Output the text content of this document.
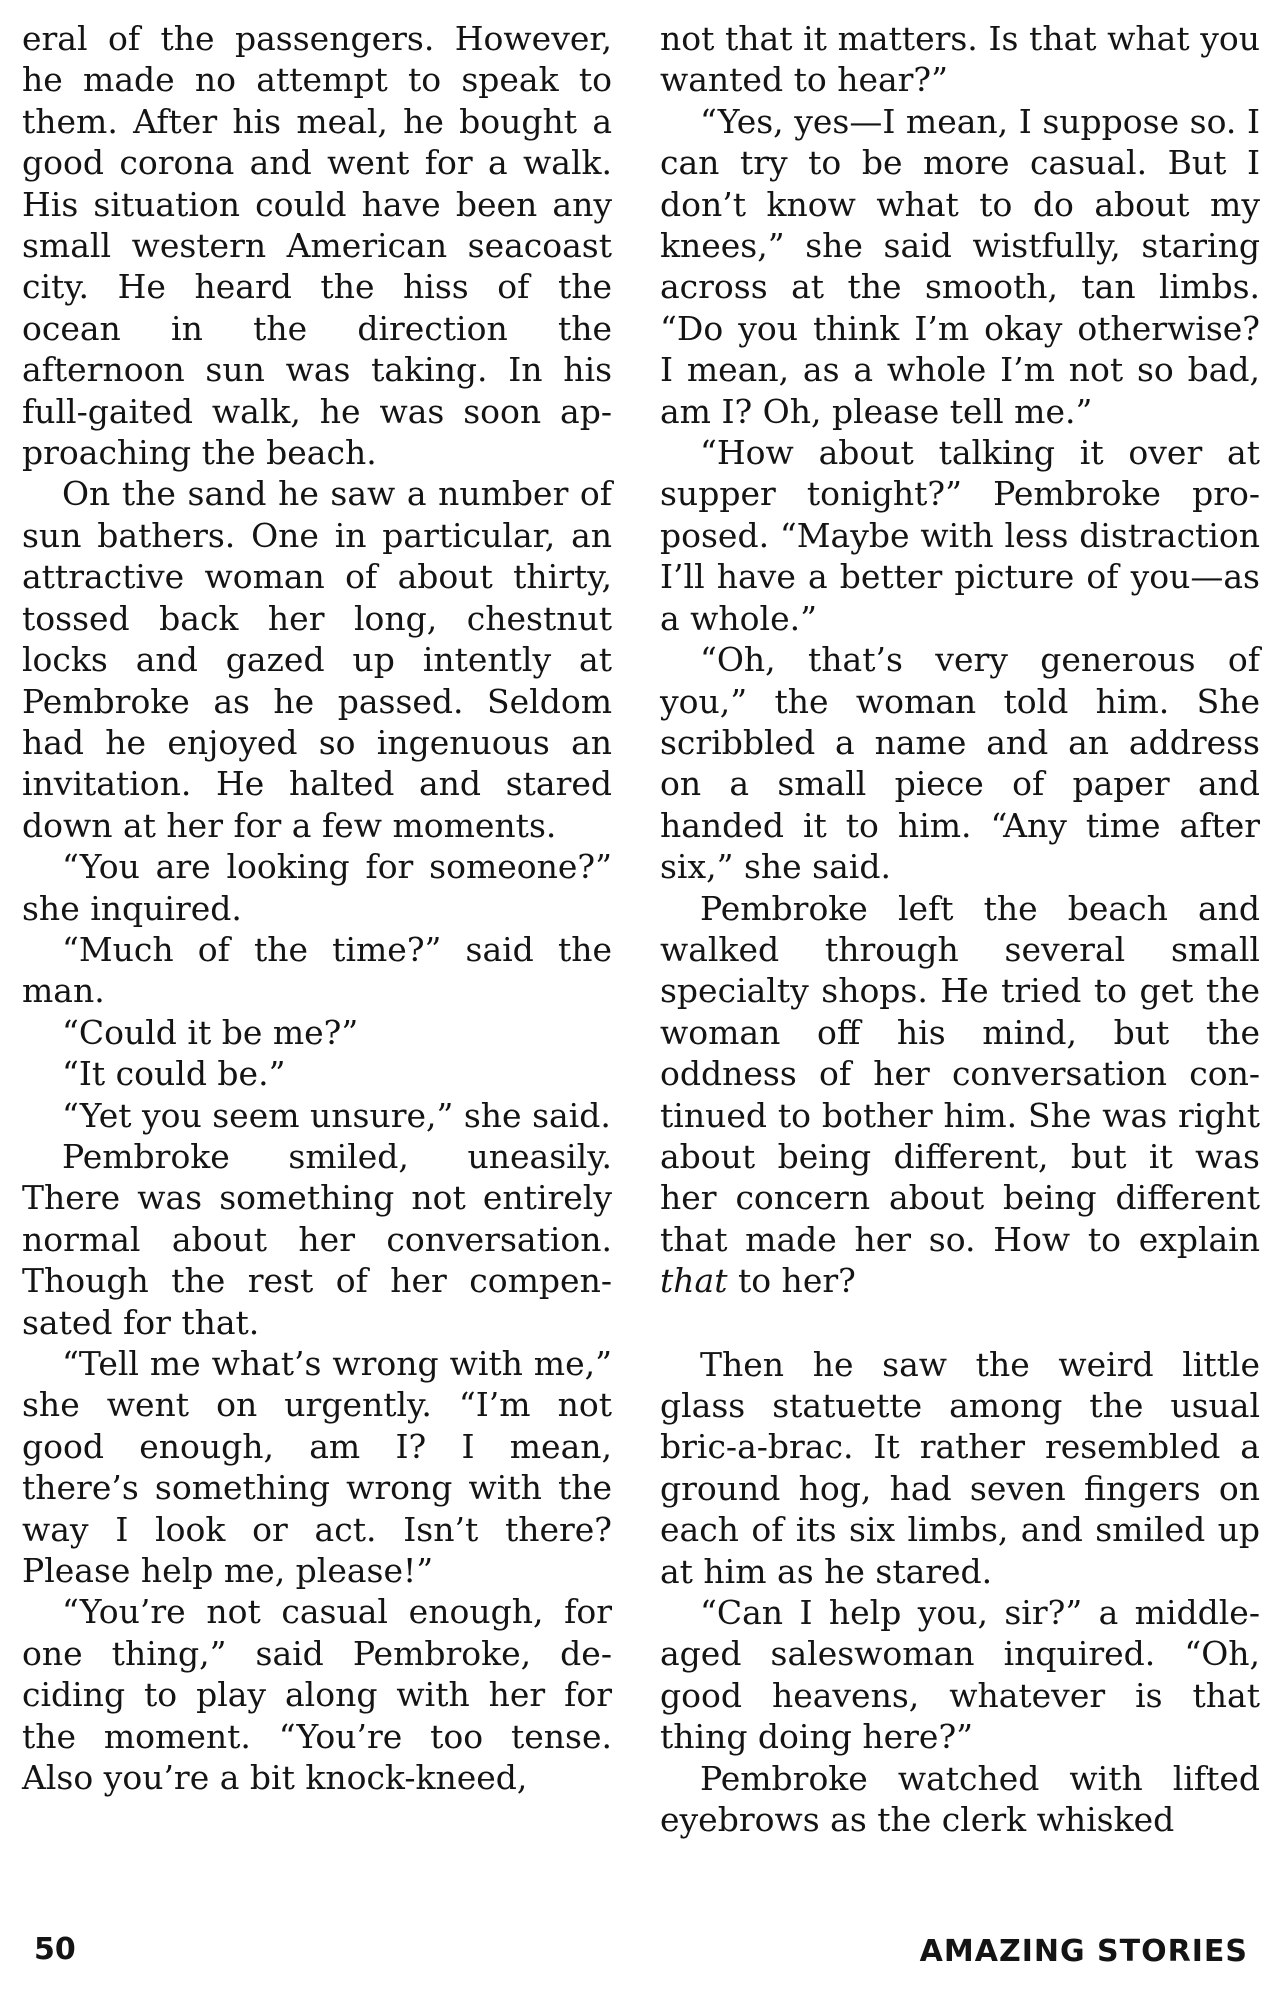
eral of the passengers. However, he made no attempt to speak to them. After his meal, he bought a good corona and went for a walk. His situation could have been any small western American seacoast city. He heard the hiss of the ocean in the direction the afternoon sun was taking. In his full-gaited walk, he was soon approaching the beach.

On the sand he saw a number of sun bathers. One in particular, an attractive woman of about thirty, tossed back her long, chestnut locks and gazed up intently at Pembroke as he passed. Seldom had he enjoyed so ingenuous an invitation. He halted and stared down at her for a few moments.

“You are looking for someone?” she inquired.

“Much of the time?” said the man.

“Could it be me?”

“It could be.”

“Yet you seem unsure,” she said.

Pembroke smiled, uneasily. There was something not entirely normal about her conversation. Though the rest of her compensated for that.

“Tell me what’s wrong with me,” she went on urgently. “I’m not good enough, am I? I mean, there’s something wrong with the way I look or act. Isn’t there? Please help me, please!”

“You’re not casual enough, for one thing,” said Pembroke, deciding to play along with her for the moment. “You’re too tense. Also you’re a bit knock-kneed,

not that it matters. Is that what you wanted to hear?”

“Yes, yes—I mean, I suppose so. I can try to be more casual. But I don’t know what to do about my knees,” she said wistfully, staring across at the smooth, tan limbs. “Do you think I’m okay otherwise? I mean, as a whole I’m not so bad, am I? Oh, please tell me.”

“How about talking it over at supper tonight?” Pembroke proposed. “Maybe with less distraction I’ll have a better picture of you—as a whole.”

“Oh, that’s very generous of you,” the woman told him. She scribbled a name and an address on a small piece of paper and handed it to him. “Any time after six,” she said.

Pembroke left the beach and walked through several small specialty shops. He tried to get the woman off his mind, but the oddness of her conversation continued to bother him. She was right about being different, but it was her concern about being different that made her so. How to explain that to her?

Then he saw the weird little glass statuette among the usual bric-a-brac. It rather resembled a ground hog, had seven fingers on each of its six limbs, and smiled up at him as he stared.

“Can I help you, sir?” a middle-aged saleswoman inquired. “Oh, good heavens, whatever is that thing doing here?”

Pembroke watched with lifted eyebrows as the clerk whisked

50	AMAZING STORIES
